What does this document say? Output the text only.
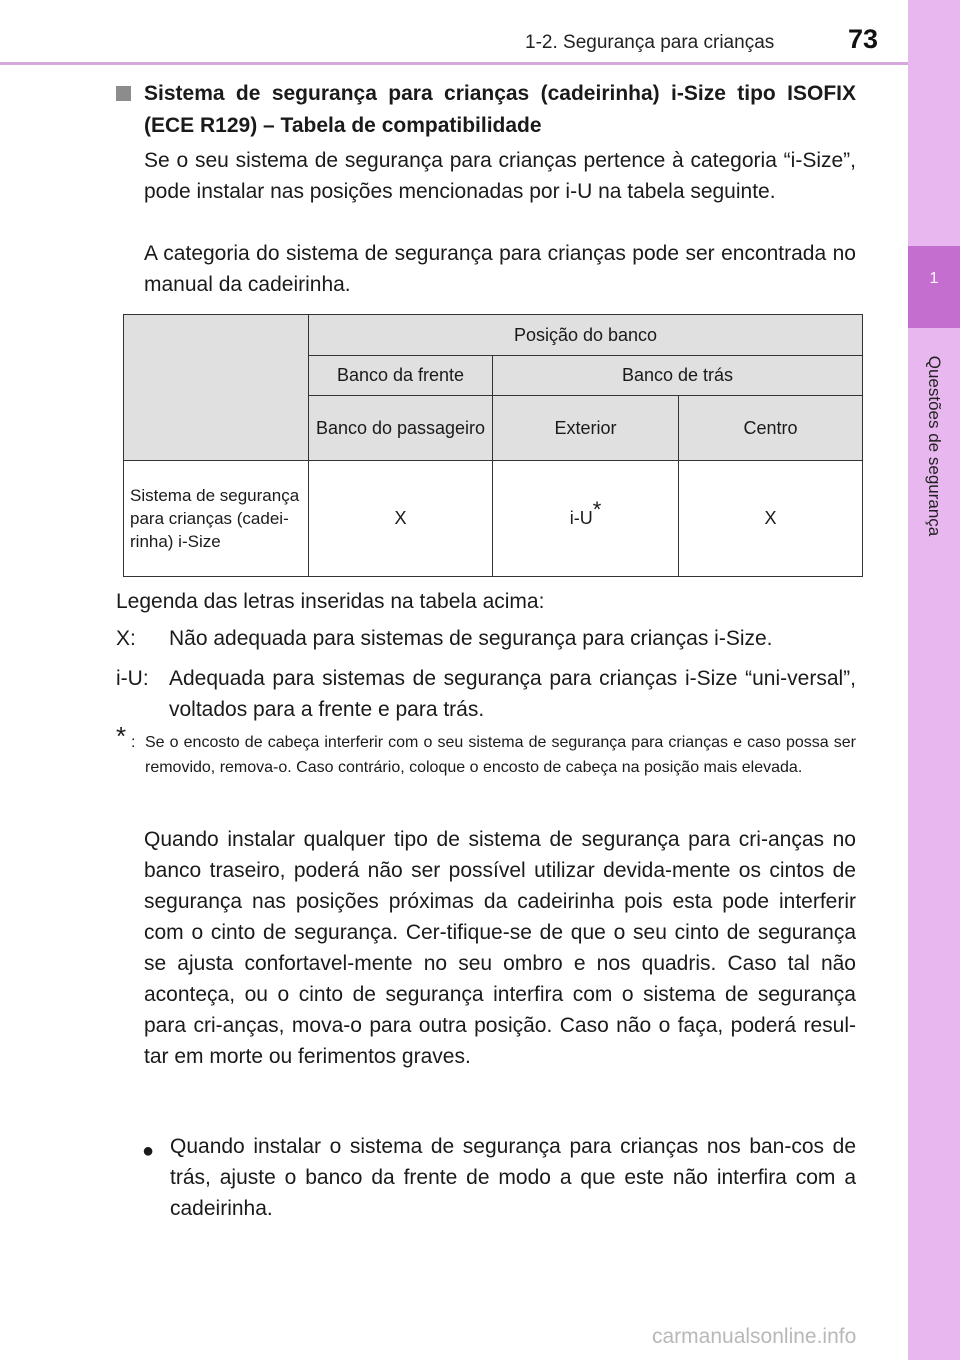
1-2. Segurança para crianças	73
1
Questões de segurança
Sistema de segurança para crianças (cadeirinha) i-Size tipo ISOFIX (ECE R129) – Tabela de compatibilidade
Se o seu sistema de segurança para crianças pertence à categoria “i-Size”, pode instalar nas posições mencionadas por i-U na tabela seguinte.
A categoria do sistema de segurança para crianças pode ser encontrada no manual da cadeirinha.
	Posição do banco		
	Banco da frente	Banco de trás	
	Banco do passageiro	Exterior	Centro
Sistema de segurança para crianças (cadei-rinha) i-Size	X	i-U*	X
Legenda das letras inseridas na tabela acima:
X: Não adequada para sistemas de segurança para crianças i-Size.
i-U: Adequada para sistemas de segurança para crianças i-Size “uni-versal”, voltados para a frente e para trás.
* : Se o encosto de cabeça interferir com o seu sistema de segurança para crianças e caso possa ser removido, remova-o. Caso contrário, coloque o encosto de cabeça na posição mais elevada.
Quando instalar qualquer tipo de sistema de segurança para cri-anças no banco traseiro, poderá não ser possível utilizar devida-mente os cintos de segurança nas posições próximas da cadeirinha pois esta pode interferir com o cinto de segurança. Cer-tifique-se de que o seu cinto de segurança se ajusta confortavel-mente no seu ombro e nos quadris. Caso tal não aconteça, ou o cinto de segurança interfira com o sistema de segurança para cri-anças, mova-o para outra posição. Caso não o faça, poderá resul-tar em morte ou ferimentos graves.
● Quando instalar o sistema de segurança para crianças nos ban-cos de trás, ajuste o banco da frente de modo a que este não interfira com a cadeirinha.
carmanualsonline.info
